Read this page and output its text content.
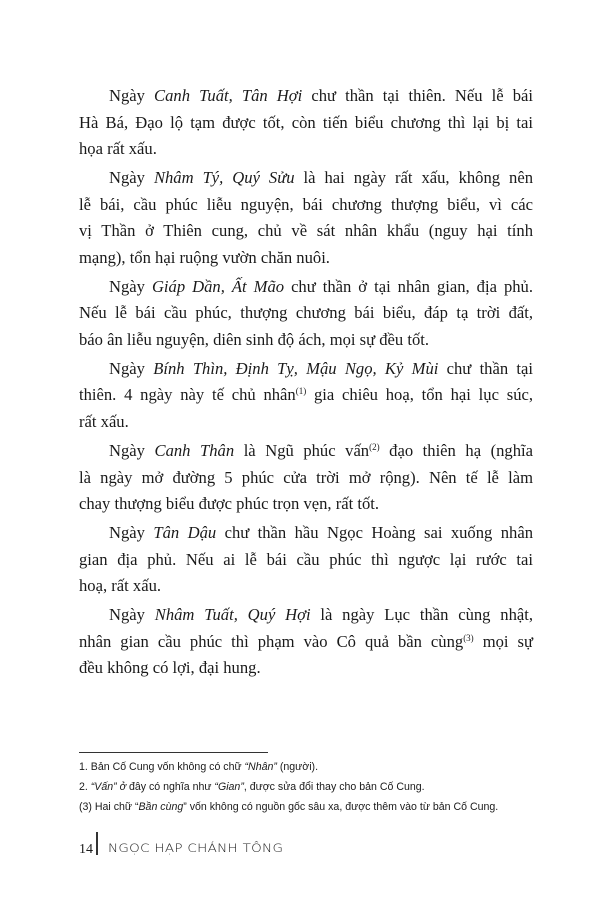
Ngày Canh Tuất, Tân Hợi chư thần tại thiên. Nếu lễ bái
Hà Bá, Đạo lộ tạm được tốt, còn tiến biểu chương thì lại bị tai
họa rất xấu.
Ngày Nhâm Tý, Quý Sửu là hai ngày rất xấu, không nên
lễ bái, cầu phúc liễu nguyện, bái chương thượng biểu, vì các
vị Thần ở Thiên cung, chủ về sát nhân khẩu (nguy hại tính
mạng), tổn hại ruộng vườn chăn nuôi.
Ngày Giáp Dần, Ất Mão chư thần ở tại nhân gian, địa phủ.
Nếu lễ bái cầu phúc, thượng chương bái biểu, đáp tạ trời đất,
báo ân liễu nguyện, diên sinh độ ách, mọi sự đều tốt.
Ngày Bính Thìn, Định Tỵ, Mậu Ngọ, Kỷ Mùi chư thần tại
thiên. 4 ngày này tế chủ nhân$^{(1)}$ gia chiêu hoạ, tổn hại lục súc,
rất xấu.
Ngày Canh Thân là Ngũ phúc vấn$^{(2)}$ đạo thiên hạ (nghĩa
là ngày mở đường 5 phúc cửa trời mở rộng). Nên tế lễ làm
chay thượng biểu được phúc trọn vẹn, rất tốt.
Ngày Tân Dậu chư thần hầu Ngọc Hoàng sai xuống nhân
gian địa phủ. Nếu ai lễ bái cầu phúc thì ngược lại rước tai
hoạ, rất xấu.
Ngày Nhâm Tuất, Quý Hợi là ngày Lục thần cùng nhật,
nhân gian cầu phúc thì phạm vào Cô quả bần cùng$^{(3)}$ mọi sự
đều không có lợi, đại hung.
1. Bản Cố Cung vốn không có chữ “Nhân” (người).
2. “Vấn” ở đây có nghĩa như “Gian”, được sửa đổi thay cho bản Cố Cung.
(3) Hai chữ “Bần cùng” vốn không có nguồn gốc sâu xa, được thêm vào từ bản Cố Cung.
14 NGỌC HẠP CHÁNH TÔNG
